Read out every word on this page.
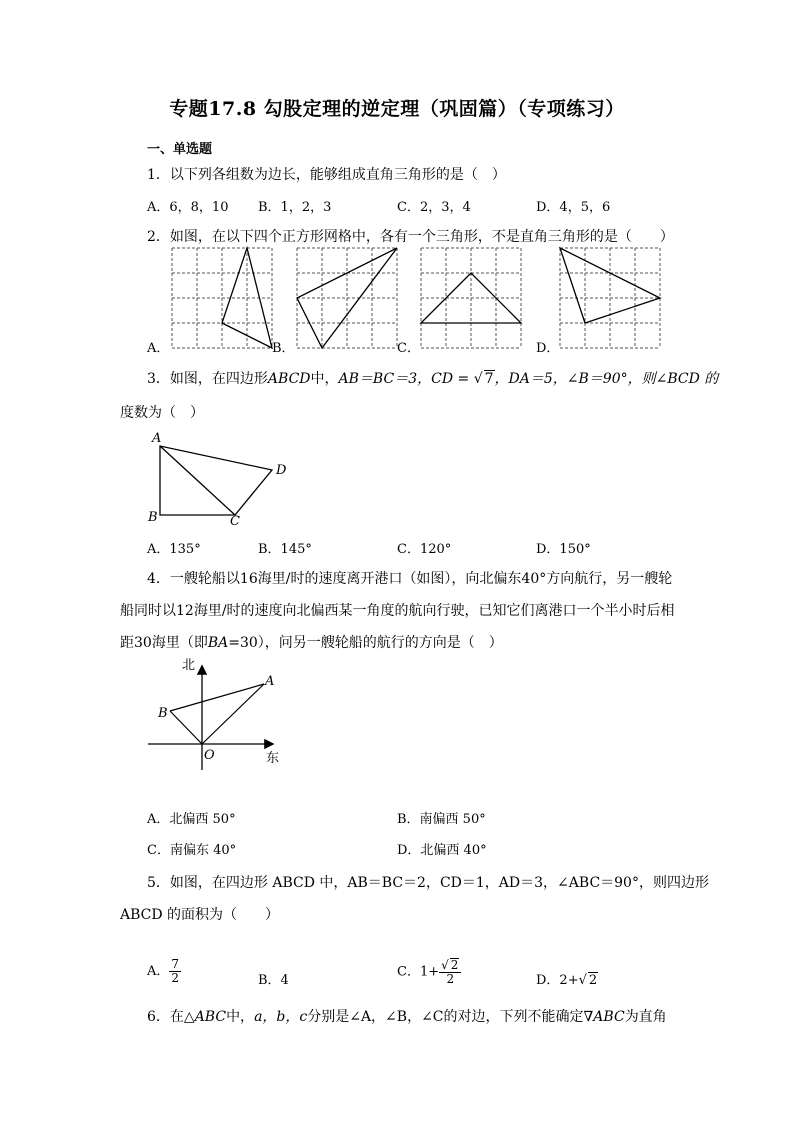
专题17.8 勾股定理的逆定理（巩固篇）（专项练习）
一、单选题
1．以下列各组数为边长，能够组成直角三角形的是（　）
A．6，8，10 B．1，2，3	C．2，3，4	D．4，5，6
2．如图，在以下四个正方形网格中，各有一个三角形，不是直角三角形的是（　　）
A．	B．	C．	D．
3．如图，在四边形ABCD中，AB＝BC＝3，CD = √ 7，DA＝5，∠B＝90°，则∠BCD 的
度数为（　）
A
B	C
D
A．135°	B．145°	C．120°	D．150°
4．一艘轮船以16海里/时的速度离开港口（如图），向北偏东40°方向航行，另一艘轮
船同时以12海里/时的速度向北偏西某一角度的航向行驶，已知它们离港口一个半小时后相
距30海里（即BA=30），问另一艘轮船的航行的方向是（　）
北
东
A
B
O
A．北偏西 50°	B．南偏西 50°
C．南偏东 40°	D．北偏西 40°
5．如图，在四边形 ABCD 中，AB＝BC＝2，CD＝1，AD＝3，∠ABC＝90°，则四边形
ABCD 的面积为（　　）
A． $\frac{7}{2}$	B．4
C．$1+ \frac{√ 2}{2}$	D．2+√ 2
6．在△ABC中，a，b，c分别是∠A，∠B，∠C的对边，下列不能确定∇ABC为直角
